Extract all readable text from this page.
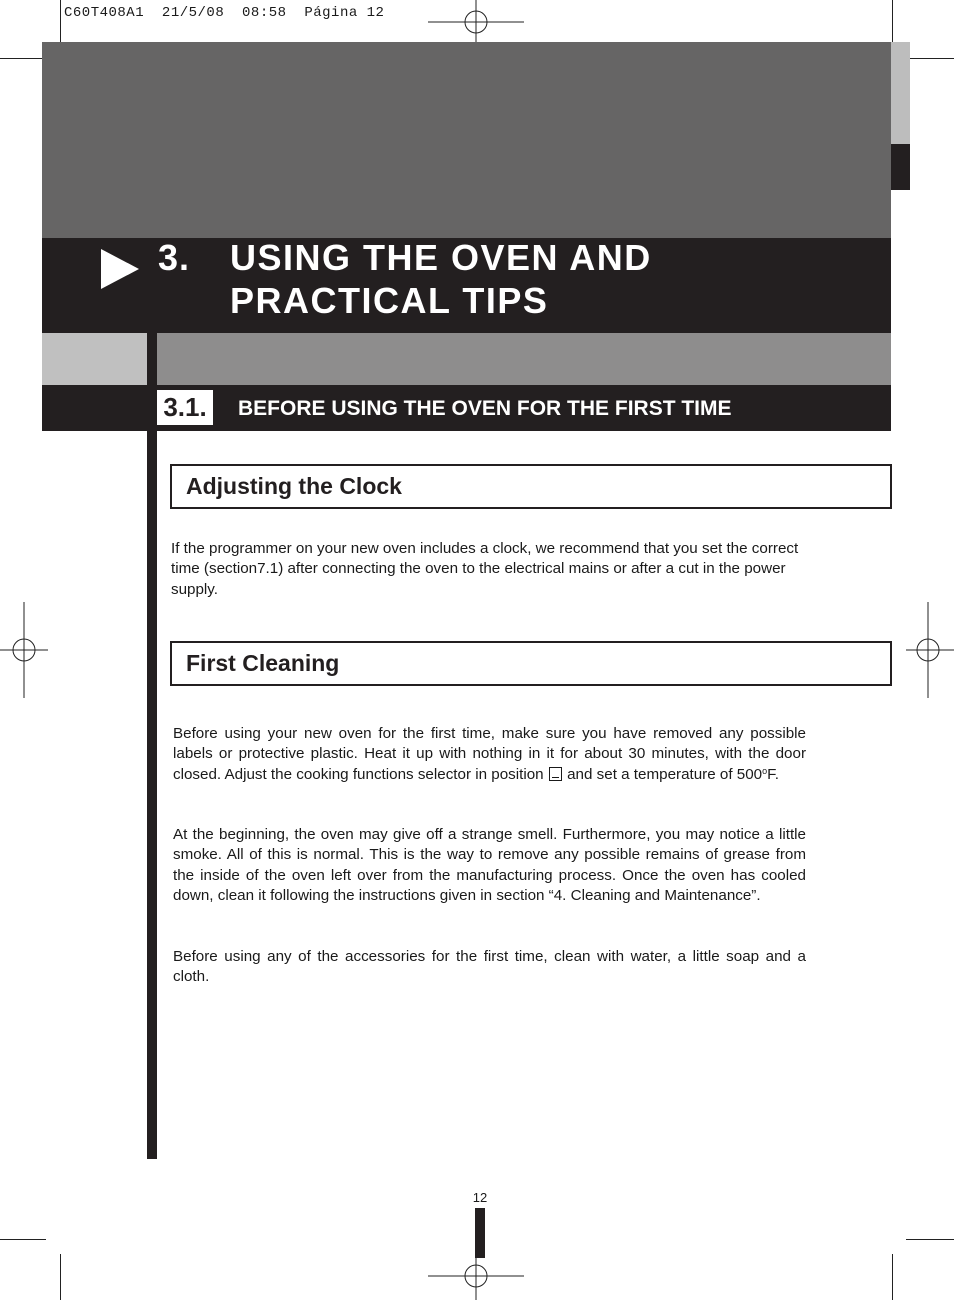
C60T408A1  21/5/08  08:58  Página 12
3. USING THE OVEN AND
PRACTICAL TIPS
3.1.	BEFORE USING THE OVEN FOR THE FIRST TIME
Adjusting the Clock
If the programmer on your new oven includes a clock, we recommend that you set the correct time (section7.1) after connecting the oven to the electrical mains or after a cut in the power supply.
First Cleaning
Before using your new oven for the first time, make sure you have removed any possible labels or protective plastic. Heat it up with nothing in it for about 30 minutes, with the door closed. Adjust the cooking functions selector in position and set a temperature of 500$^o$F.
At the beginning, the oven may give off a strange smell. Furthermore, you may notice a little smoke. All of this is normal. This is the way to remove any possible remains of grease from the inside of the oven left over from the manufacturing process. Once the oven has cooled down, clean it following the instructions given in section “4. Cleaning and Maintenance”.
Before using any of the accessories for the first time, clean with water, a little soap and a cloth.
12
